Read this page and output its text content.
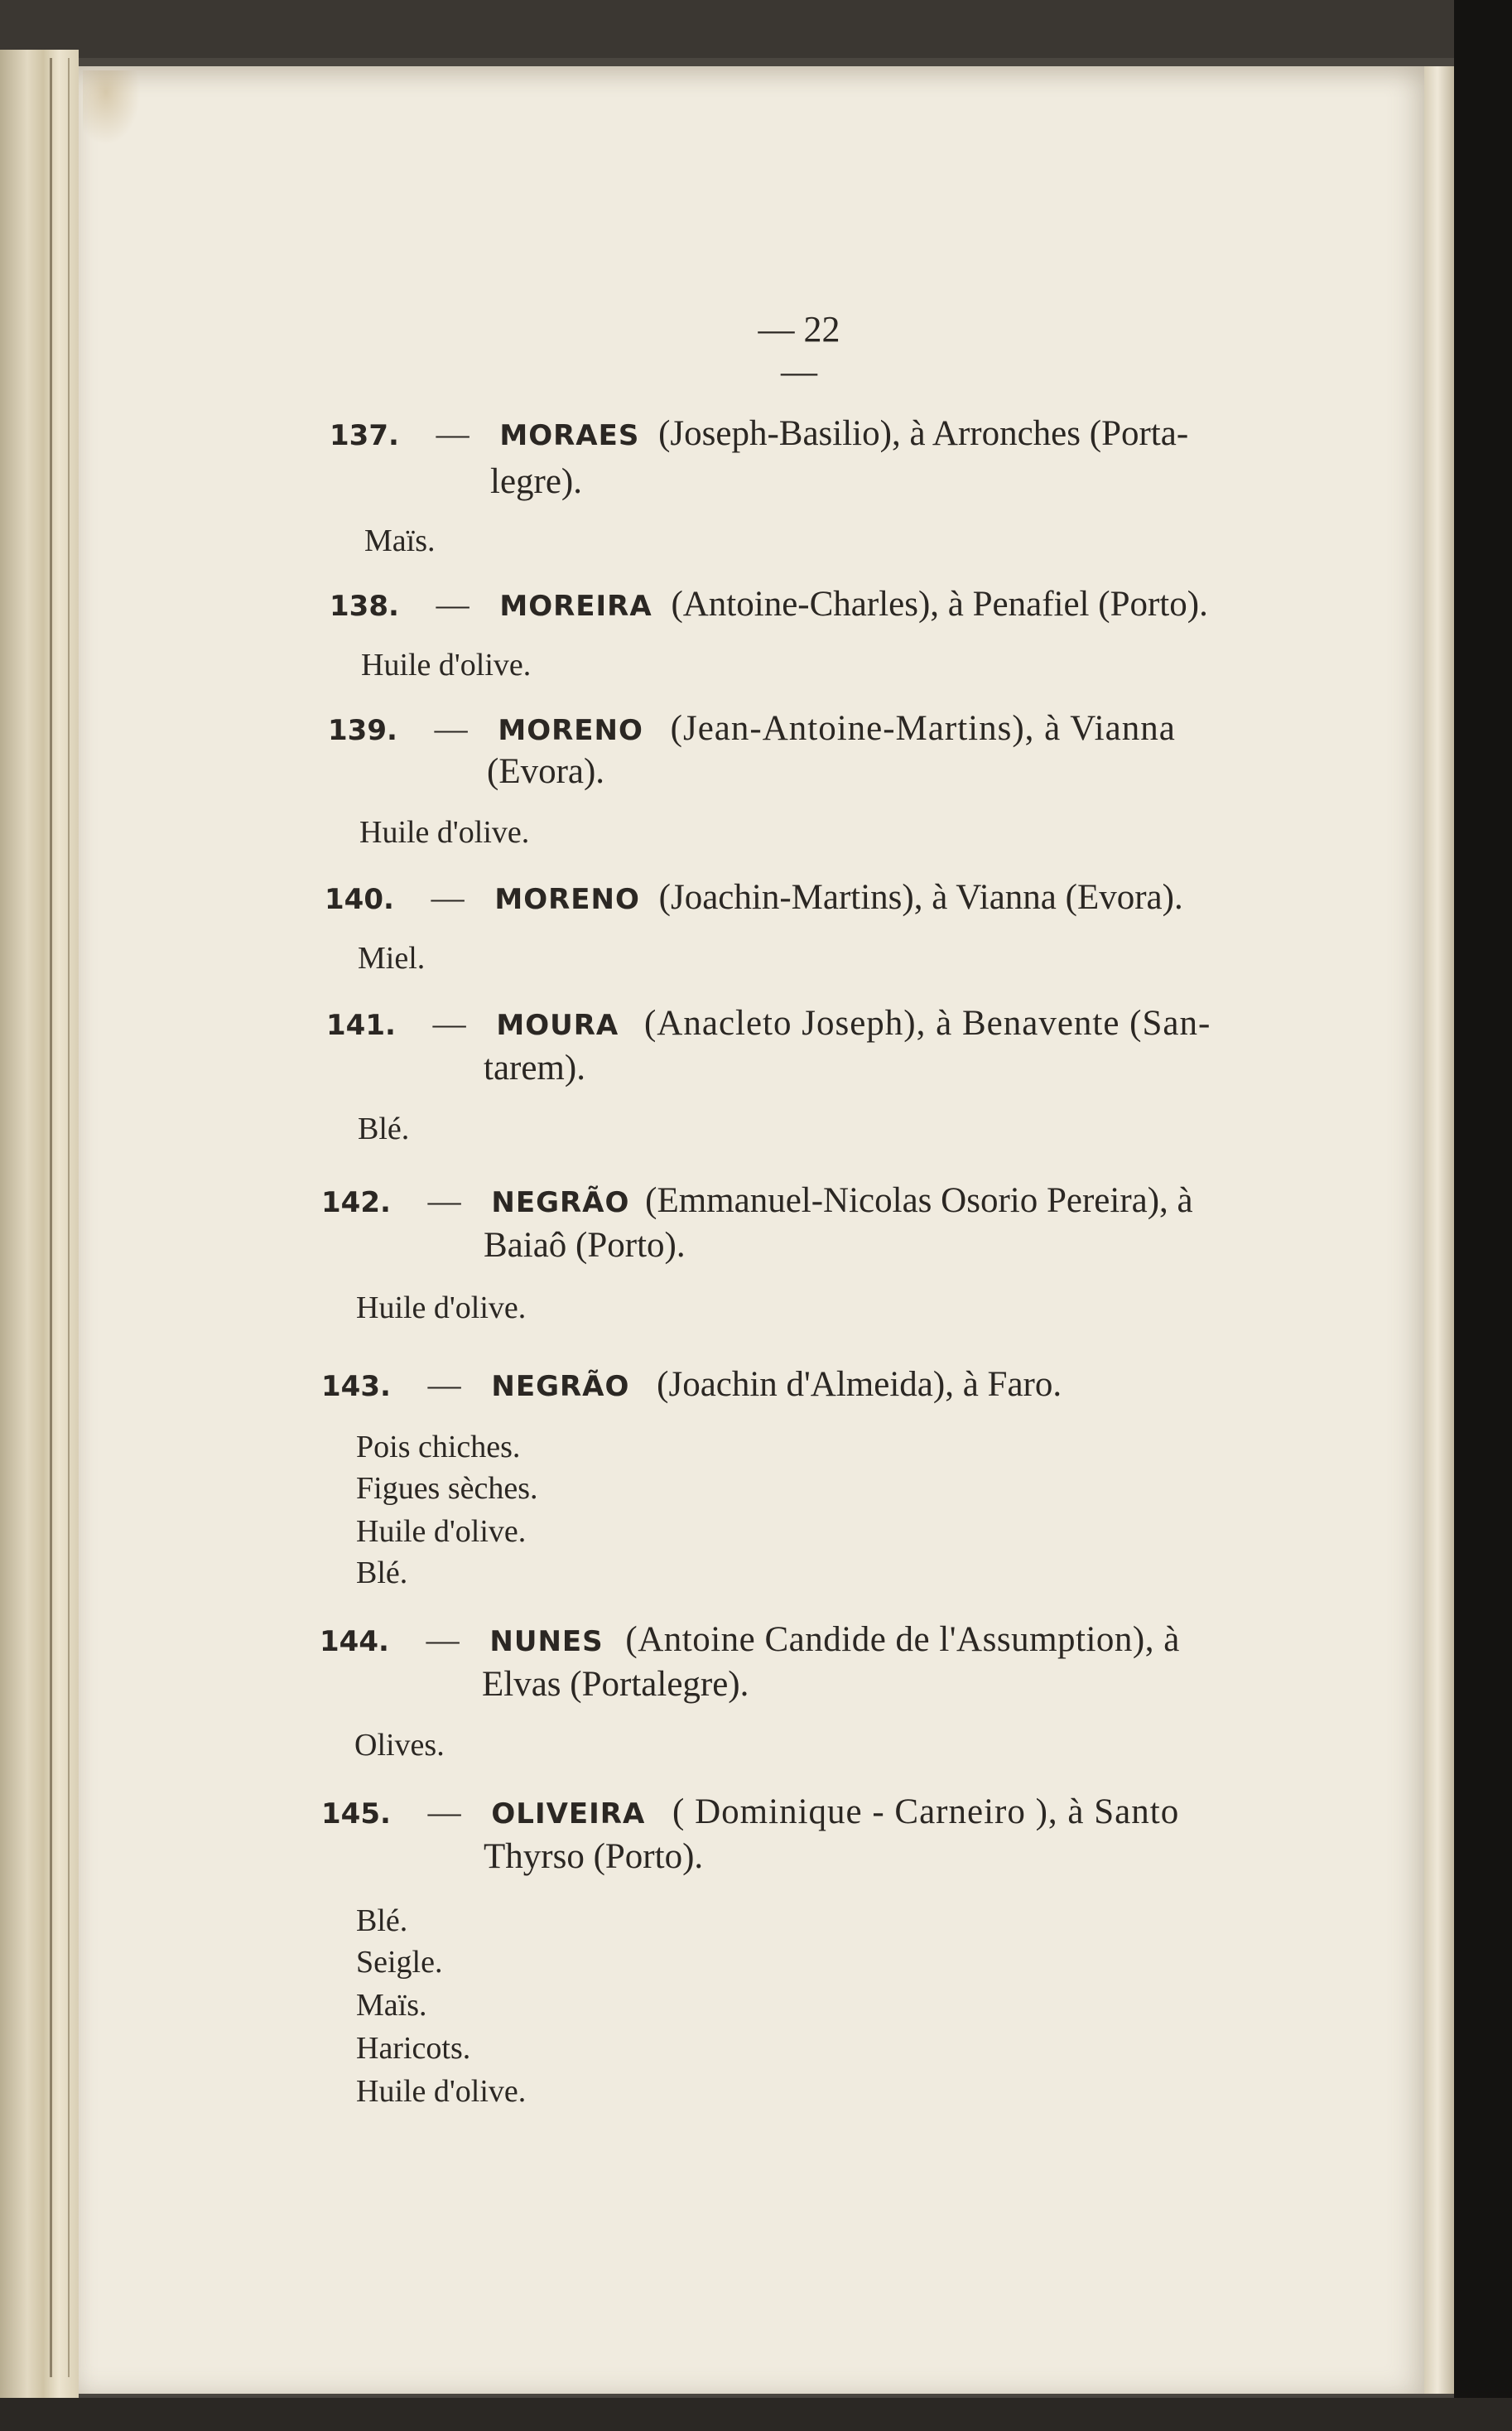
— 22 —
137. — MORAES (Joseph-Basilio), à Arronches (Porta-
legre).
Maïs.
138. — MOREIRA (Antoine-Charles), à Penafiel (Porto).
Huile d'olive.
139. — MORENO (Jean-Antoine-Martins), à Vianna
(Evora).
Huile d'olive.
140. — MORENO (Joachin-Martins), à Vianna (Evora).
Miel.
141. — MOURA (Anacleto Joseph), à Benavente (San-
tarem).
Blé.
142. — NEGRÃO (Emmanuel-Nicolas Osorio Pereira), à
Baiaô (Porto).
Huile d'olive.
143. — NEGRÃO (Joachin d'Almeida), à Faro.
Pois chiches.
Figues sèches.
Huile d'olive.
Blé.
144. — NUNES (Antoine Candide de l'Assumption), à
Elvas (Portalegre).
Olives.
145. — OLIVEIRA ( Dominique - Carneiro ), à Santo
Thyrso (Porto).
Blé.
Seigle.
Maïs.
Haricots.
Huile d'olive.
